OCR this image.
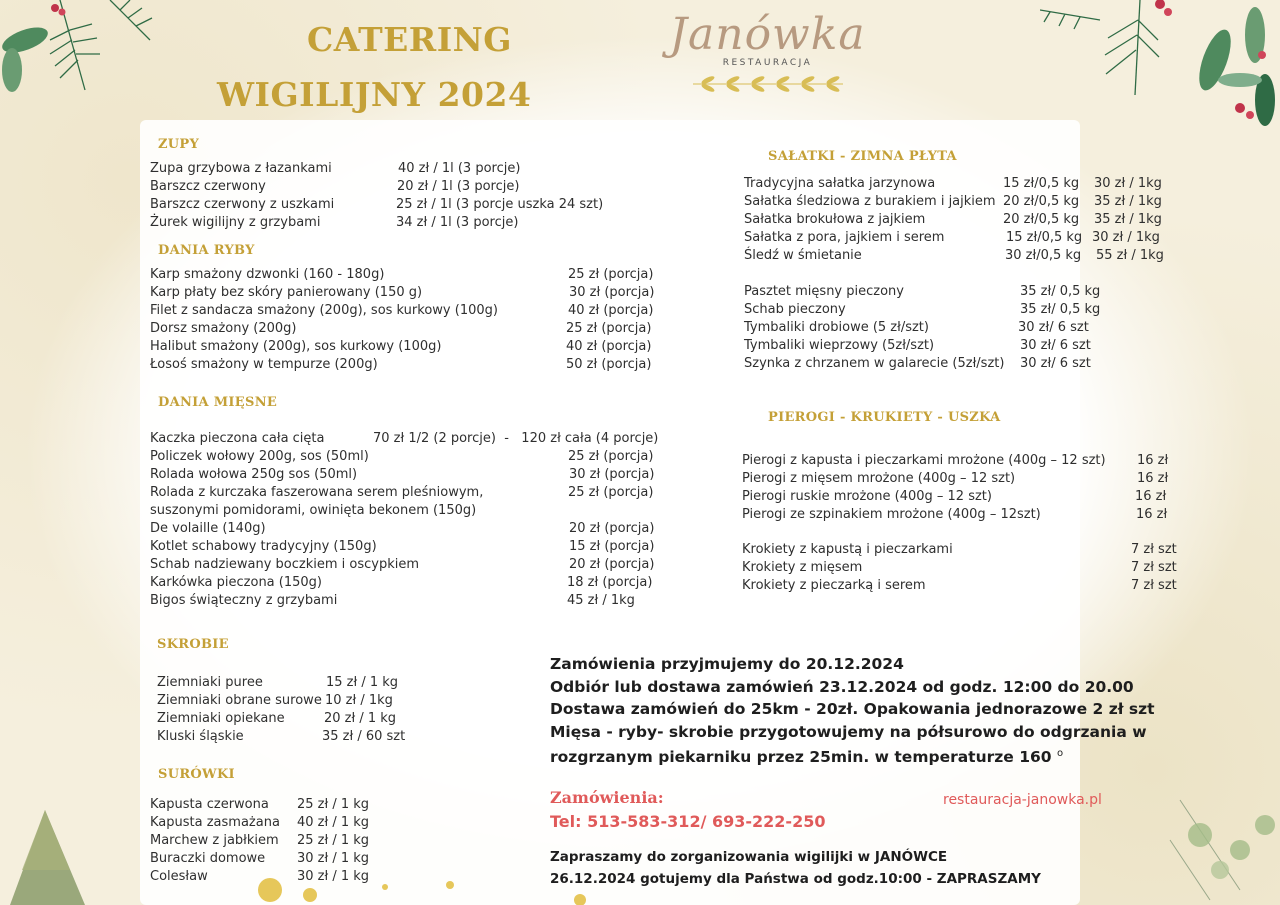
CATERING
WIGILIJNY 2024
Janówka
RESTAURACJA
ZUPY
Zupa grzybowa z łazankami	40 zł / 1l (3 porcje)
Barszcz czerwony	20 zł / 1l (3 porcje)
Barszcz czerwony z uszkami	25 zł / 1l (3 porcje uszka 24 szt)
Żurek wigilijny z grzybami	34 zł / 1l (3 porcje)
DANIA RYBY
Karp smażony dzwonki (160 - 180g)	25 zł (porcja)
Karp płaty bez skóry panierowany (150 g)	30 zł (porcja)
Filet z sandacza smażony (200g), sos kurkowy (100g)	40 zł (porcja)
Dorsz smażony (200g)	25 zł (porcja)
Halibut smażony (200g), sos kurkowy (100g)	40 zł (porcja)
Łosoś smażony w tempurze (200g)	50 zł (porcja)
DANIA MIĘSNE
Kaczka pieczona cała cięta	70 zł 1/2 (2 porcje)  -   120 zł cała (4 porcje)
Policzek wołowy 200g, sos (50ml)	25 zł (porcja)
Rolada wołowa 250g sos (50ml)	30 zł (porcja)
Rolada z kurczaka faszerowana serem pleśniowym,	25 zł (porcja)
suszonymi pomidorami, owinięta bekonem (150g)
De volaille (140g)	20 zł (porcja)
Kotlet schabowy tradycyjny (150g)	15 zł (porcja)
Schab nadziewany boczkiem i oscypkiem	20 zł (porcja)
Karkówka pieczona (150g)	18 zł (porcja)
Bigos świąteczny z grzybami	45 zł / 1kg
SKROBIE
Ziemniaki puree	15 zł / 1 kg
Ziemniaki obrane surowe 10 zł / 1kg
Ziemniaki opiekane	20 zł / 1 kg
Kluski śląskie	35 zł / 60 szt
SURÓWKI
Kapusta czerwona 25 zł / 1 kg
Kapusta zasmażana 40 zł / 1 kg
Marchew z jabłkiem 25 zł / 1 kg
Buraczki domowe 30 zł / 1 kg
Colesław	30 zł / 1 kg
SAŁATKI - ZIMNA PŁYTA
Tradycyjna sałatka jarzynowa	15 zł/0,5 kg 30 zł / 1kg
Sałatka śledziowa z burakiem i jajkiem 20 zł/0,5 kg 35 zł / 1kg
Sałatka brokułowa z jajkiem	20 zł/0,5 kg 35 zł / 1kg
Sałatka z pora, jajkiem i serem	15 zł/0,5 kg 30 zł / 1kg
Śledź w śmietanie	30 zł/0,5 kg 55 zł / 1kg
Pasztet mięsny pieczony	35 zł/ 0,5 kg
Schab pieczony	35 zł/ 0,5 kg
Tymbaliki drobiowe (5 zł/szt)	30 zł/ 6 szt
Tymbaliki wieprzowy (5zł/szt)	30 zł/ 6 szt
Szynka z chrzanem w galarecie (5zł/szt) 30 zł/ 6 szt
PIEROGI - KRUKIETY - USZKA
Pierogi z kapusta i pieczarkami mrożone (400g – 12 szt) 16 zł
Pierogi z mięsem mrożone (400g – 12 szt)	16 zł
Pierogi ruskie mrożone (400g – 12 szt)	16 zł
Pierogi ze szpinakiem mrożone (400g – 12szt)	16 zł
Krokiety z kapustą i pieczarkami	7 zł szt
Krokiety z mięsem	7 zł szt
Krokiety z pieczarką i serem	7 zł szt
Zamówienia przyjmujemy do 20.12.2024
Odbiór lub dostawa zamówień 23.12.2024 od godz. 12:00 do 20.00
Dostawa zamówień do 25km - 20zł. Opakowania jednorazowe 2 zł szt
Mięsa - ryby- skrobie przygotowujemy na półsurowo do odgrzania w
rozgrzanym piekarniku przez 25min. w temperaturze 160 $^o$
Zamówienia:
Tel: 513-583-312/ 693-222-250
restauracja-janowka.pl
Zapraszamy do zorganizowania wigilijki w JANÓWCE
26.12.2024 gotujemy dla Państwa od godz.10:00 - ZAPRASZAMY
